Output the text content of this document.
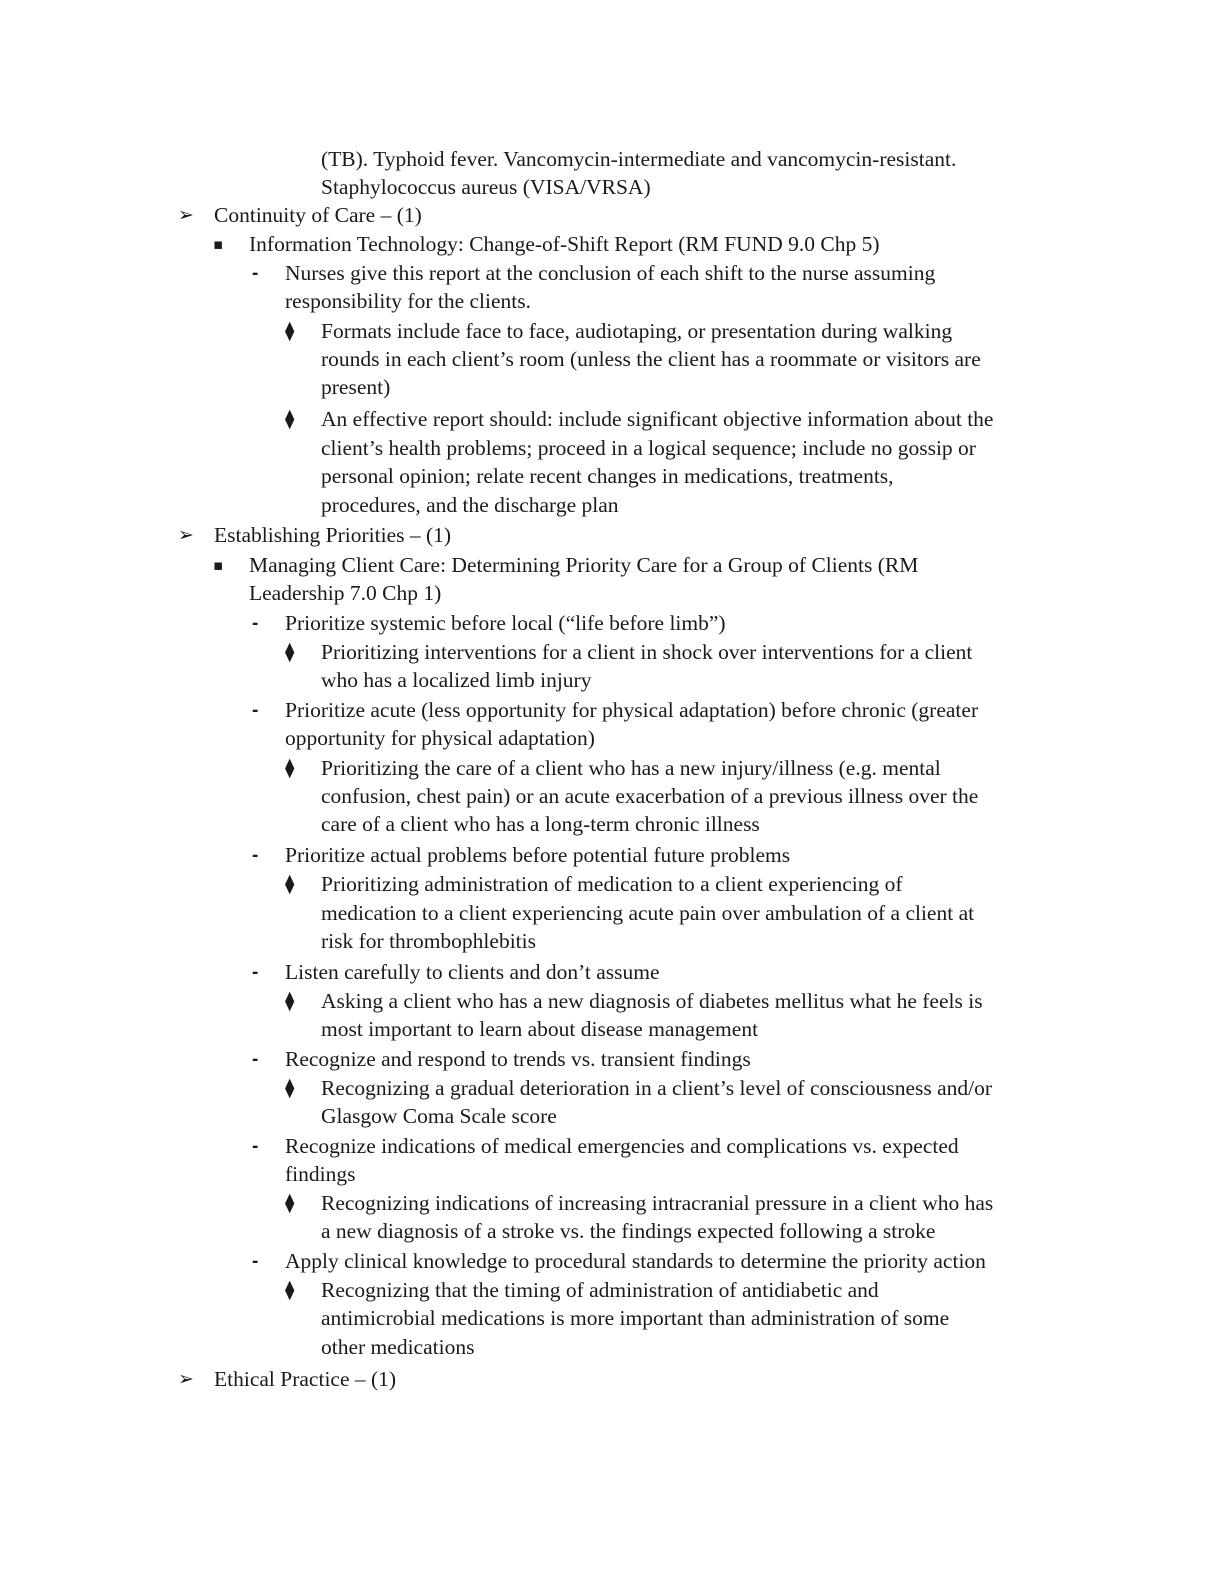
(TB). Typhoid fever. Vancomycin-intermediate and vancomycin-resistant.
Staphylococcus aureus (VISA/VRSA)
➢ Continuity of Care – (1)
▪ Information Technology: Change-of-Shift Report (RM FUND 9.0 Chp 5)
- Nurses give this report at the conclusion of each shift to the nurse assuming
responsibility for the clients.
⧫ Formats include face to face, audiotaping, or presentation during walking
rounds in each client’s room (unless the client has a roommate or visitors are
present)
⧫ An effective report should: include significant objective information about the
client’s health problems; proceed in a logical sequence; include no gossip or
personal opinion; relate recent changes in medications, treatments,
procedures, and the discharge plan
➢ Establishing Priorities – (1)
▪ Managing Client Care: Determining Priority Care for a Group of Clients (RM
Leadership 7.0 Chp 1)
- Prioritize systemic before local (“life before limb”)
⧫ Prioritizing interventions for a client in shock over interventions for a client
who has a localized limb injury
- Prioritize acute (less opportunity for physical adaptation) before chronic (greater
opportunity for physical adaptation)
⧫ Prioritizing the care of a client who has a new injury/illness (e.g. mental
confusion, chest pain) or an acute exacerbation of a previous illness over the
care of a client who has a long-term chronic illness
- Prioritize actual problems before potential future problems
⧫ Prioritizing administration of medication to a client experiencing of
medication to a client experiencing acute pain over ambulation of a client at
risk for thrombophlebitis
- Listen carefully to clients and don’t assume
⧫ Asking a client who has a new diagnosis of diabetes mellitus what he feels is
most important to learn about disease management
- Recognize and respond to trends vs. transient findings
⧫ Recognizing a gradual deterioration in a client’s level of consciousness and/or
Glasgow Coma Scale score
- Recognize indications of medical emergencies and complications vs. expected
findings
⧫ Recognizing indications of increasing intracranial pressure in a client who has
a new diagnosis of a stroke vs. the findings expected following a stroke
- Apply clinical knowledge to procedural standards to determine the priority action
⧫ Recognizing that the timing of administration of antidiabetic and
antimicrobial medications is more important than administration of some
other medications
➢ Ethical Practice – (1)
